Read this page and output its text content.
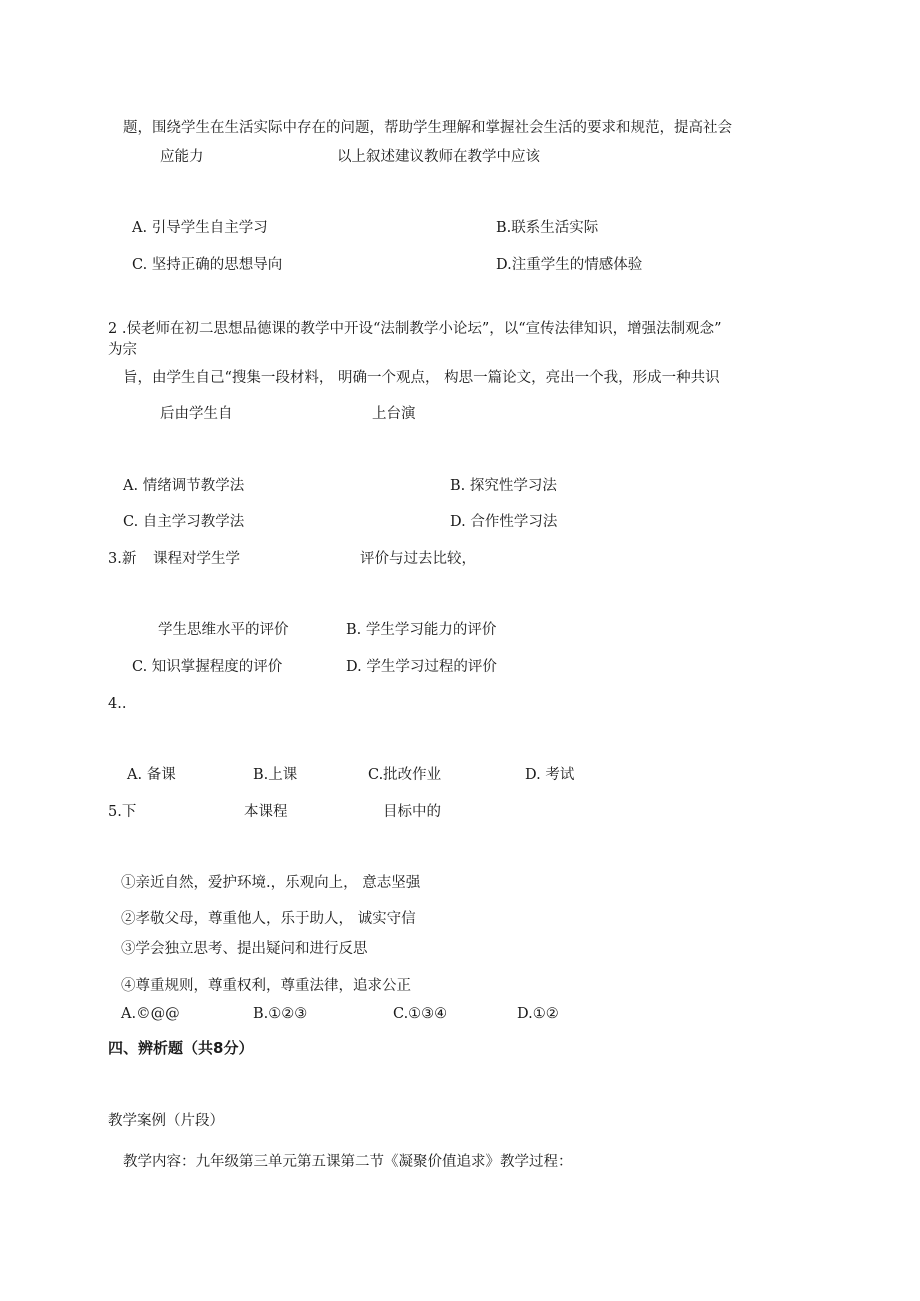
题，围绕学生在生活实际中存在的问题，帮助学生理解和掌握社会生活的要求和规范，提高社会
应能力	以上叙述建议教师在教学中应该
A. 引导学生自主学习	B.联系生活实际
C. 坚持正确的思想导向	D.注重学生的情感体验
2 .侯老师在初二思想品德课的教学中开设“法制教学小论坛”，以“宣传法律知识，增强法制观念”
为宗
旨，由学生自己“搜集一段材料， 明确一个观点， 构思一篇论文，亮出一个我，形成一种共识
后由学生自	上台演
A. 情绪调节教学法	B. 探究性学习法
C. 自主学习教学法	D. 合作性学习法
3.新 课程对学生学	评价与过去比较，
学生思维水平的评价	B. 学生学习能力的评价
C. 知识掌握程度的评价	D. 学生学习过程的评价
4..
A. 备课	B.上课	C.批改作业	D. 考试
5.下	本课程	目标中的
①亲近自然，爱护环境.，乐观向上， 意志坚强
②孝敬父母，尊重他人，乐于助人， 诚实守信
③学会独立思考、提出疑问和进行反思
④尊重规则，尊重权利，尊重法律，追求公正
A.©@@	B.①②③	C.①③④	D.①②
四、辨析题（共8分）
教学案例（片段）
教学内容：九年级第三单元第五课第二节《凝聚价值追求》教学过程：
